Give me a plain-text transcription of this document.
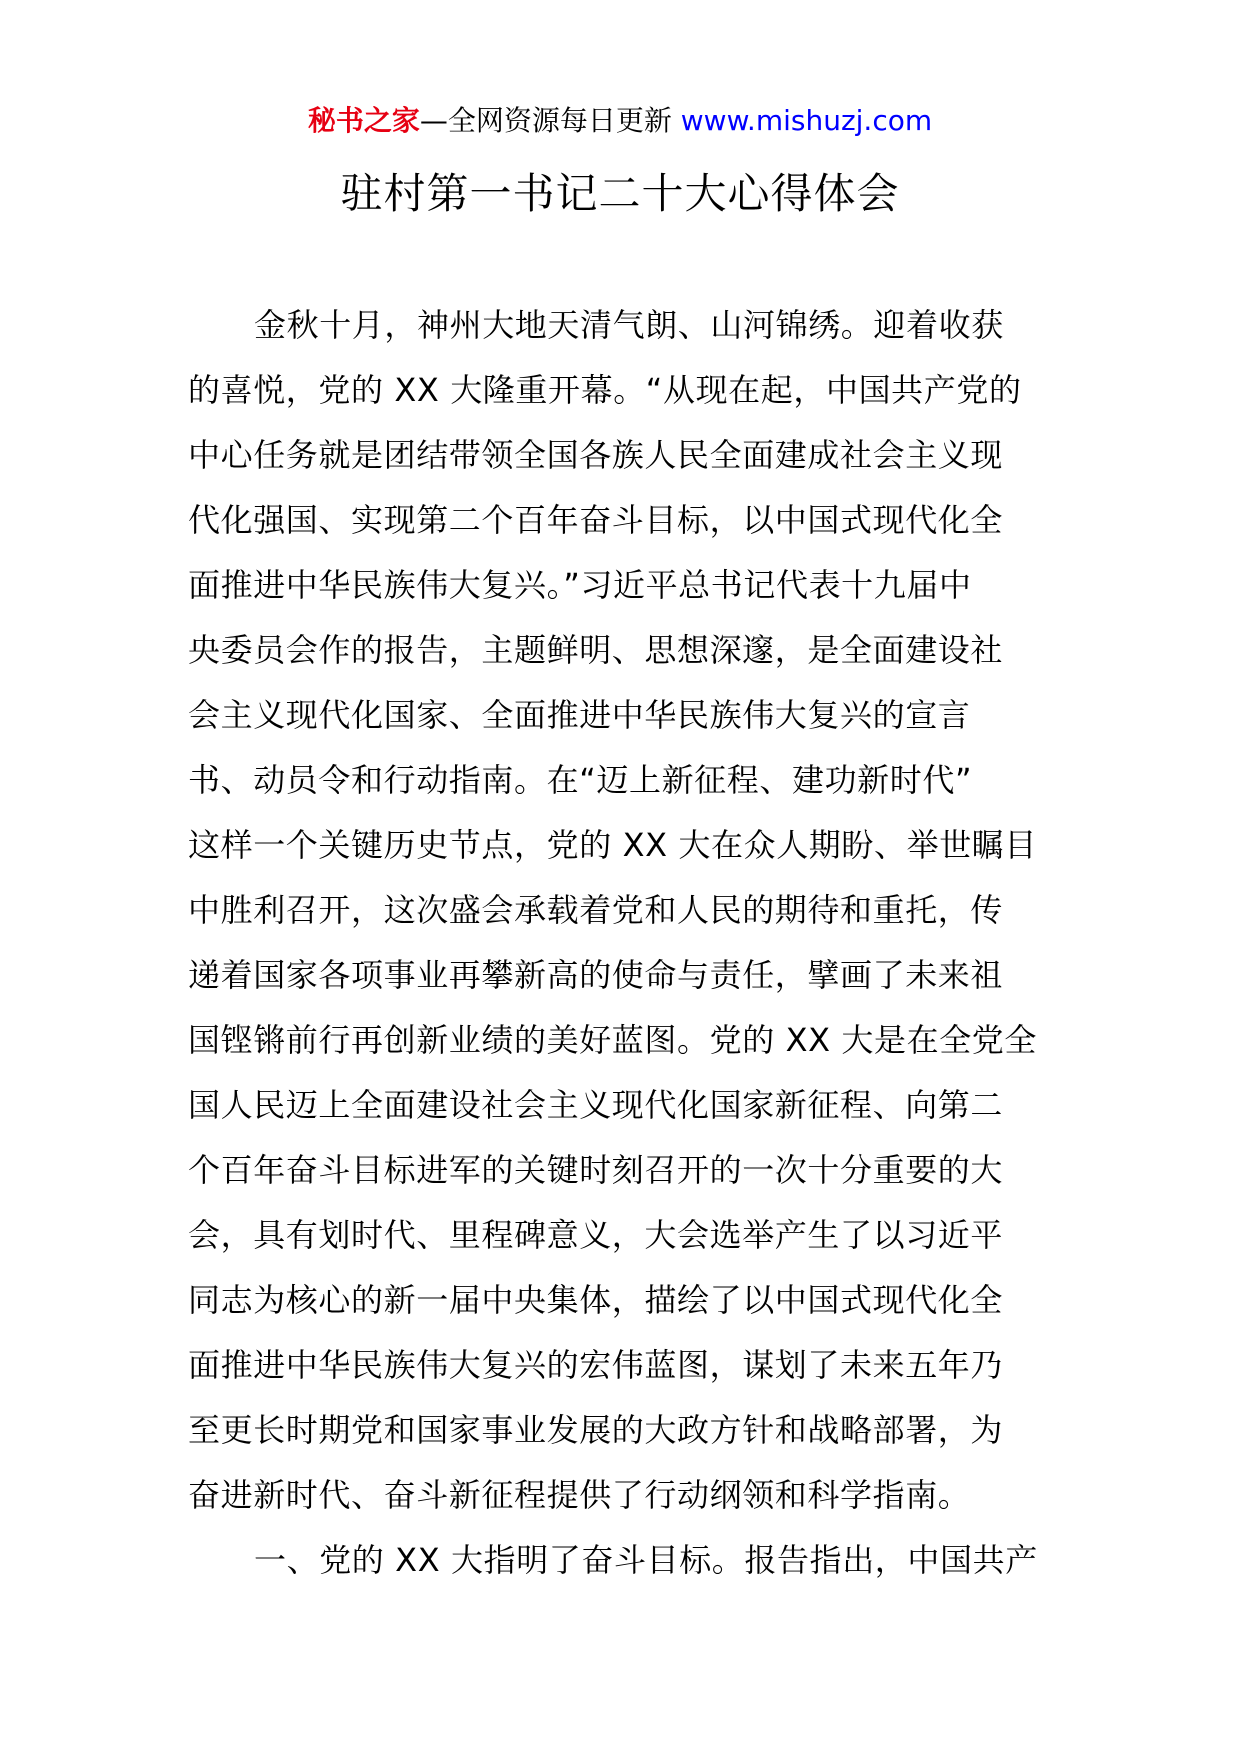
秘书之家—全网资源每日更新 www.mishuzj.com
驻村第一书记二十大心得体会
金秋十月，神州大地天清气朗、山河锦绣。迎着收获
的喜悦，党的 XX 大隆重开幕。“从现在起，中国共产党的
中心任务就是团结带领全国各族人民全面建成社会主义现
代化强国、实现第二个百年奋斗目标，以中国式现代化全
面推进中华民族伟大复兴。”习近平总书记代表十九届中
央委员会作的报告，主题鲜明、思想深邃，是全面建设社
会主义现代化国家、全面推进中华民族伟大复兴的宣言
书、动员令和行动指南。在“迈上新征程、建功新时代”
这样一个关键历史节点，党的 XX 大在众人期盼、举世瞩目
中胜利召开，这次盛会承载着党和人民的期待和重托，传
递着国家各项事业再攀新高的使命与责任，擘画了未来祖
国铿锵前行再创新业绩的美好蓝图。党的 XX 大是在全党全
国人民迈上全面建设社会主义现代化国家新征程、向第二
个百年奋斗目标进军的关键时刻召开的一次十分重要的大
会，具有划时代、里程碑意义，大会选举产生了以习近平
同志为核心的新一届中央集体，描绘了以中国式现代化全
面推进中华民族伟大复兴的宏伟蓝图，谋划了未来五年乃
至更长时期党和国家事业发展的大政方针和战略部署，为
奋进新时代、奋斗新征程提供了行动纲领和科学指南。
一、党的 XX 大指明了奋斗目标。报告指出，中国共产
